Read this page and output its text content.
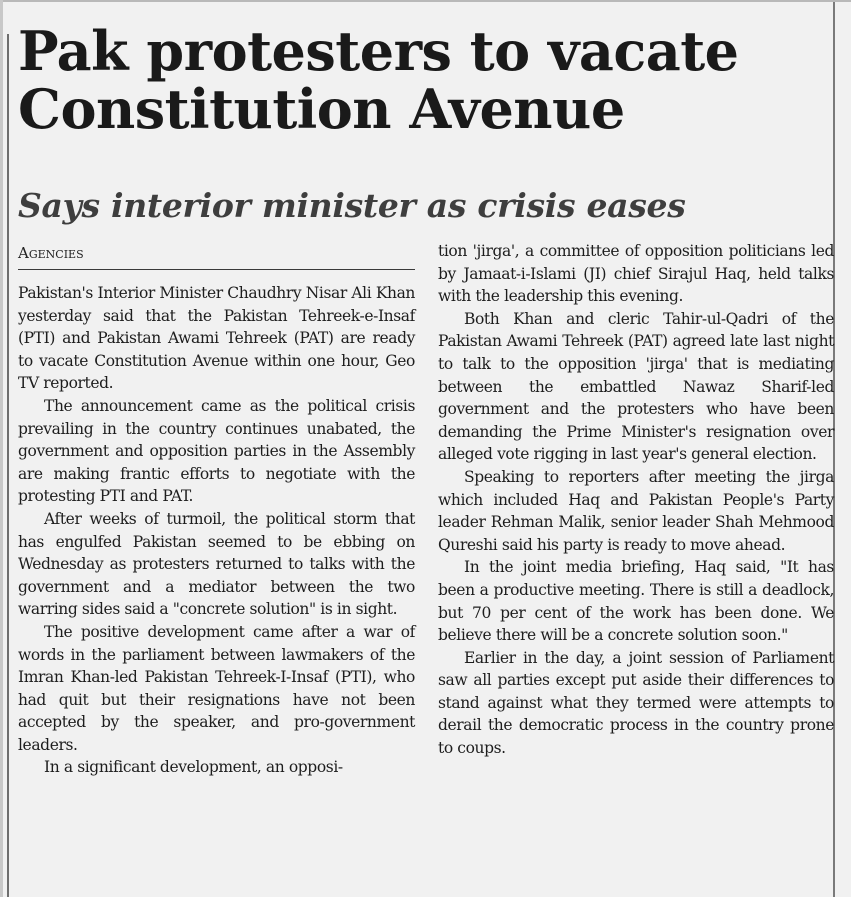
Pak protesters to vacate Constitution Avenue
Says interior minister as crisis eases
Agencies

Pakistan's Interior Minister Chaudhry Nisar Ali Khan yesterday said that the Pakistan Tehreek-e-Insaf (PTI) and Pakistan Awami Tehreek (PAT) are ready to vacate Constitution Avenue within one hour, Geo TV reported.

The announcement came as the political crisis prevailing in the country continues unabated, the government and opposition parties in the Assembly are making frantic efforts to negotiate with the protesting PTI and PAT.

After weeks of turmoil, the political storm that has engulfed Pakistan seemed to be ebbing on Wednesday as protesters returned to talks with the government and a mediator between the two warring sides said a "concrete solution" is in sight.

The positive development came after a war of words in the parliament between lawmakers of the Imran Khan-led Pakistan Tehreek-I-Insaf (PTI), who had quit but their resignations have not been accepted by the speaker, and pro-government leaders.

In a significant development, an opposi-

tion 'jirga', a committee of opposition politicians led by Jamaat-i-Islami (JI) chief Sirajul Haq, held talks with the leadership this evening.

Both Khan and cleric Tahir-ul-Qadri of the Pakistan Awami Tehreek (PAT) agreed late last night to talk to the opposition 'jirga' that is mediating between the embattled Nawaz Sharif-led government and the protesters who have been demanding the Prime Minister's resignation over alleged vote rigging in last year's general election.

Speaking to reporters after meeting the jirga which included Haq and Pakistan People's Party leader Rehman Malik, senior leader Shah Mehmood Qureshi said his party is ready to move ahead.

In the joint media briefing, Haq said, "It has been a productive meeting. There is still a deadlock, but 70 per cent of the work has been done. We believe there will be a concrete solution soon."

Earlier in the day, a joint session of Parliament saw all parties except put aside their differences to stand against what they termed were attempts to derail the democratic process in the country prone to coups.
